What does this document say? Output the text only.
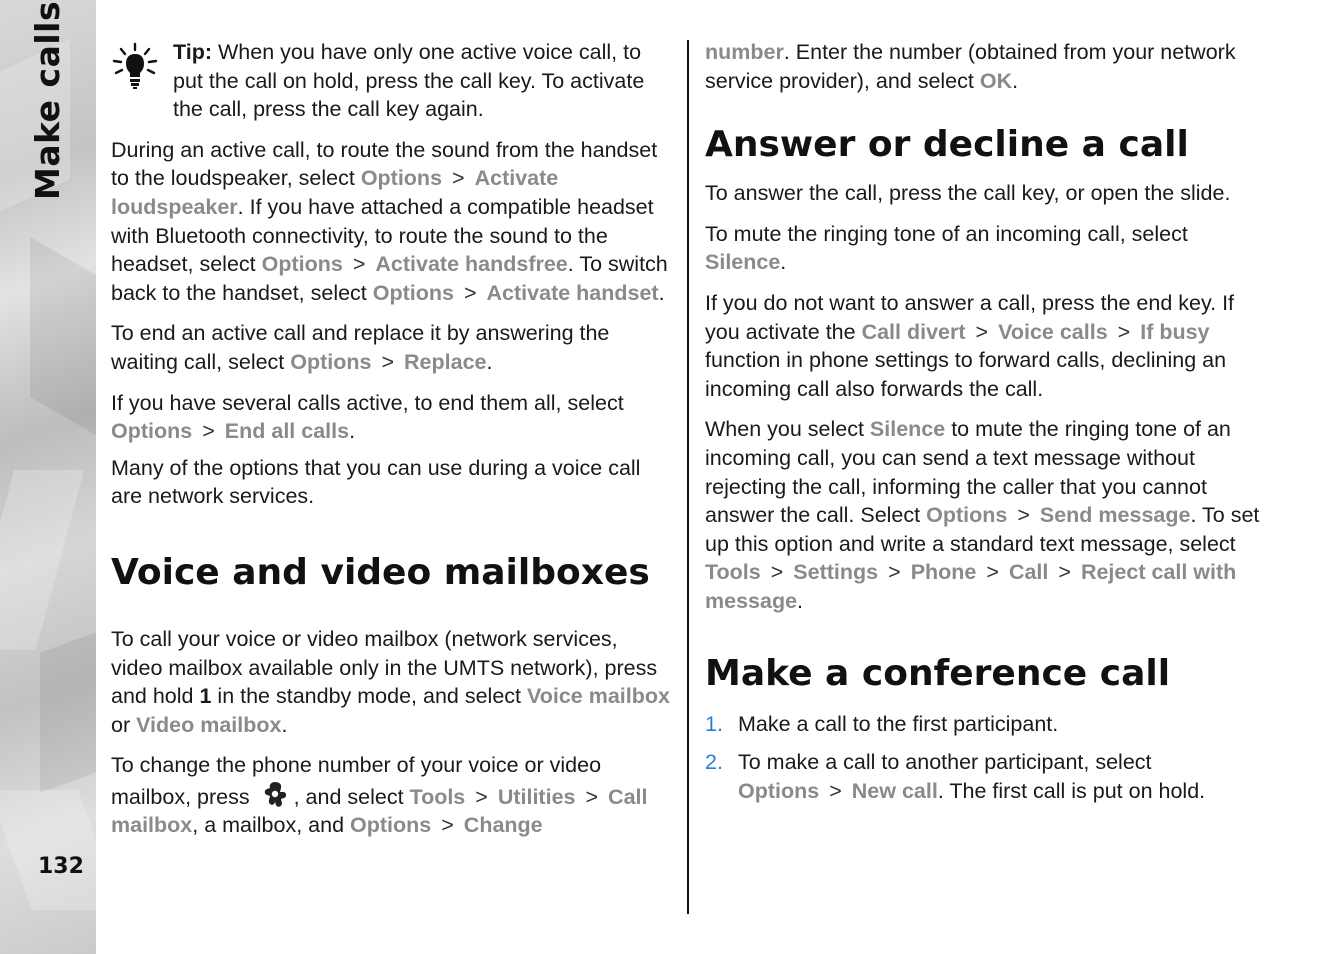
Make calls
132

Tip: When you have only one active voice call, to put the call on hold, press the call key. To activate the call, press the call key again.

During an active call, to route the sound from the handset to the loudspeaker, select Options > Activate loudspeaker. If you have attached a compatible headset with Bluetooth connectivity, to route the sound to the headset, select Options > Activate handsfree. To switch back to the handset, select Options > Activate handset.

To end an active call and replace it by answering the waiting call, select Options > Replace.

If you have several calls active, to end them all, select Options > End all calls.

Many of the options that you can use during a voice call are network services.

Voice and video mailboxes

To call your voice or video mailbox (network services, video mailbox available only in the UMTS network), press and hold 1 in the standby mode, and select Voice mailbox or Video mailbox.

To change the phone number of your voice or video mailbox, press , and select Tools > Utilities > Call mailbox, a mailbox, and Options > Change

number. Enter the number (obtained from your network service provider), and select OK.

Answer or decline a call

To answer the call, press the call key, or open the slide.

To mute the ringing tone of an incoming call, select Silence.

If you do not want to answer a call, press the end key. If you activate the Call divert > Voice calls > If busy function in phone settings to forward calls, declining an incoming call also forwards the call.

When you select Silence to mute the ringing tone of an incoming call, you can send a text message without rejecting the call, informing the caller that you cannot answer the call. Select Options > Send message. To set up this option and write a standard text message, select Tools > Settings > Phone > Call > Reject call with message.

Make a conference call
1. Make a call to the first participant.
2. To make a call to another participant, select Options > New call. The first call is put on hold.
